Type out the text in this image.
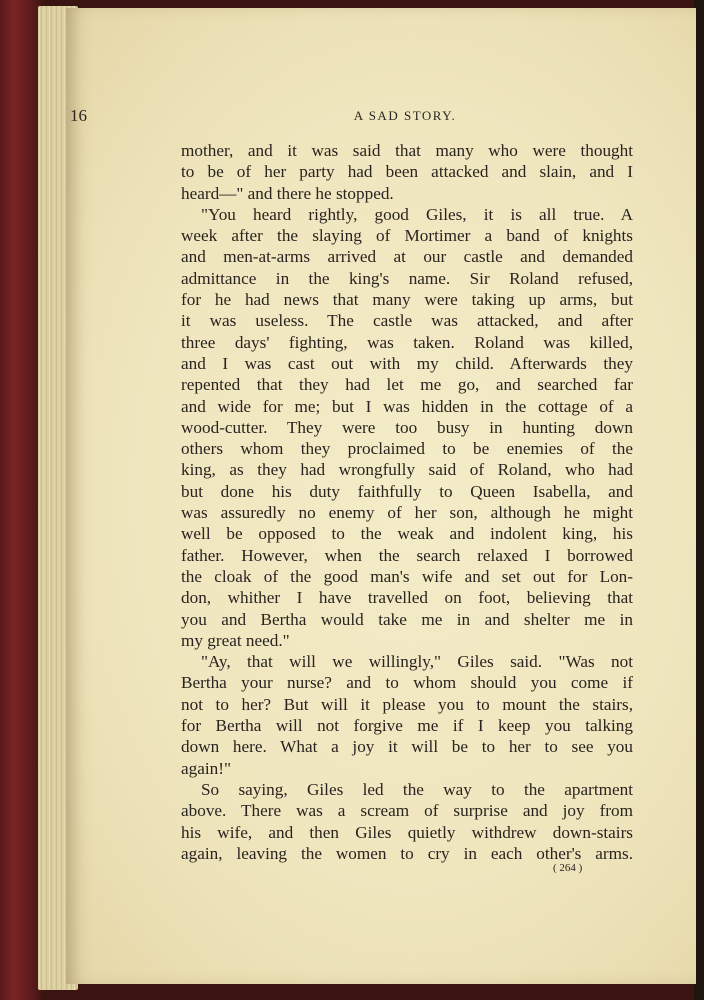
16	A SAD STORY.
mother, and it was said that many who were thought
to be of her party had been attacked and slain, and I
heard—" and there he stopped.
"You heard rightly, good Giles, it is all true. A
week after the slaying of Mortimer a band of knights
and men-at-arms arrived at our castle and demanded
admittance in the king's name. Sir Roland refused,
for he had news that many were taking up arms, but
it was useless. The castle was attacked, and after
three days' fighting, was taken. Roland was killed,
and I was cast out with my child. Afterwards they
repented that they had let me go, and searched far
and wide for me; but I was hidden in the cottage of a
wood-cutter. They were too busy in hunting down
others whom they proclaimed to be enemies of the
king, as they had wrongfully said of Roland, who had
but done his duty faithfully to Queen Isabella, and
was assuredly no enemy of her son, although he might
well be opposed to the weak and indolent king, his
father. However, when the search relaxed I borrowed
the cloak of the good man's wife and set out for Lon-
don, whither I have travelled on foot, believing that
you and Bertha would take me in and shelter me in
my great need."
"Ay, that will we willingly," Giles said. "Was not
Bertha your nurse? and to whom should you come if
not to her? But will it please you to mount the stairs,
for Bertha will not forgive me if I keep you talking
down here. What a joy it will be to her to see you
again!"
So saying, Giles led the way to the apartment
above. There was a scream of surprise and joy from
his wife, and then Giles quietly withdrew down-stairs
again, leaving the women to cry in each other's arms.
( 264 )
